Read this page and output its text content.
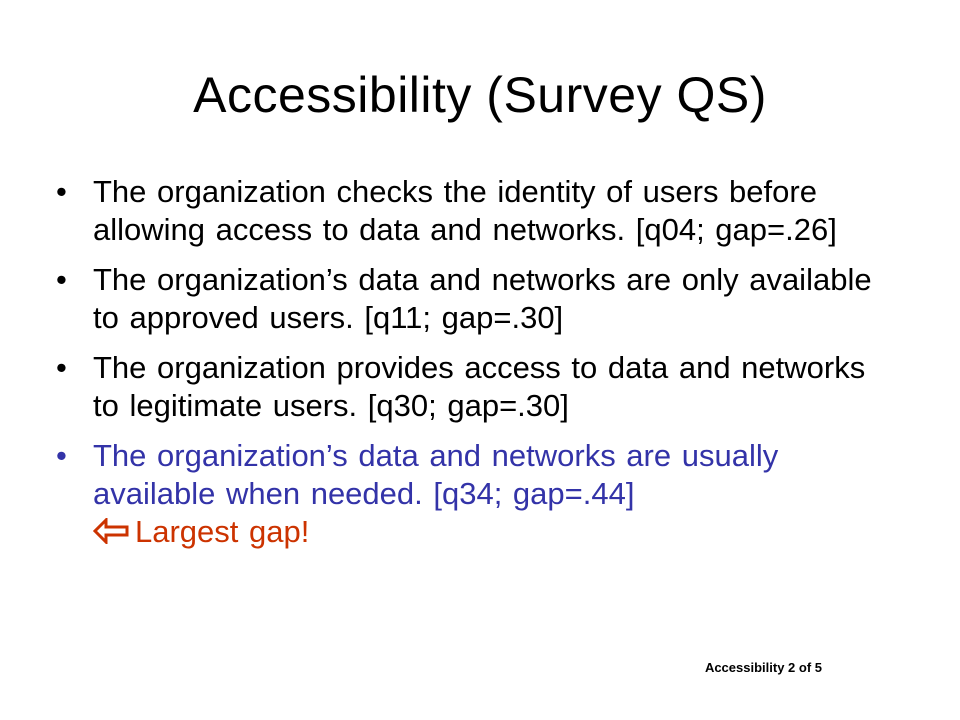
Accessibility (Survey QS)
• The organization checks the identity of users before allowing access to data and networks. [q04; gap=.26]
• The organization’s data and networks are only available to approved users. [q11; gap=.30]
• The organization provides access to data and networks to legitimate users. [q30; gap=.30]
• The organization’s data and networks are usually available when needed. [q34; gap=.44]
Largest gap!
Accessibility 2 of 5
